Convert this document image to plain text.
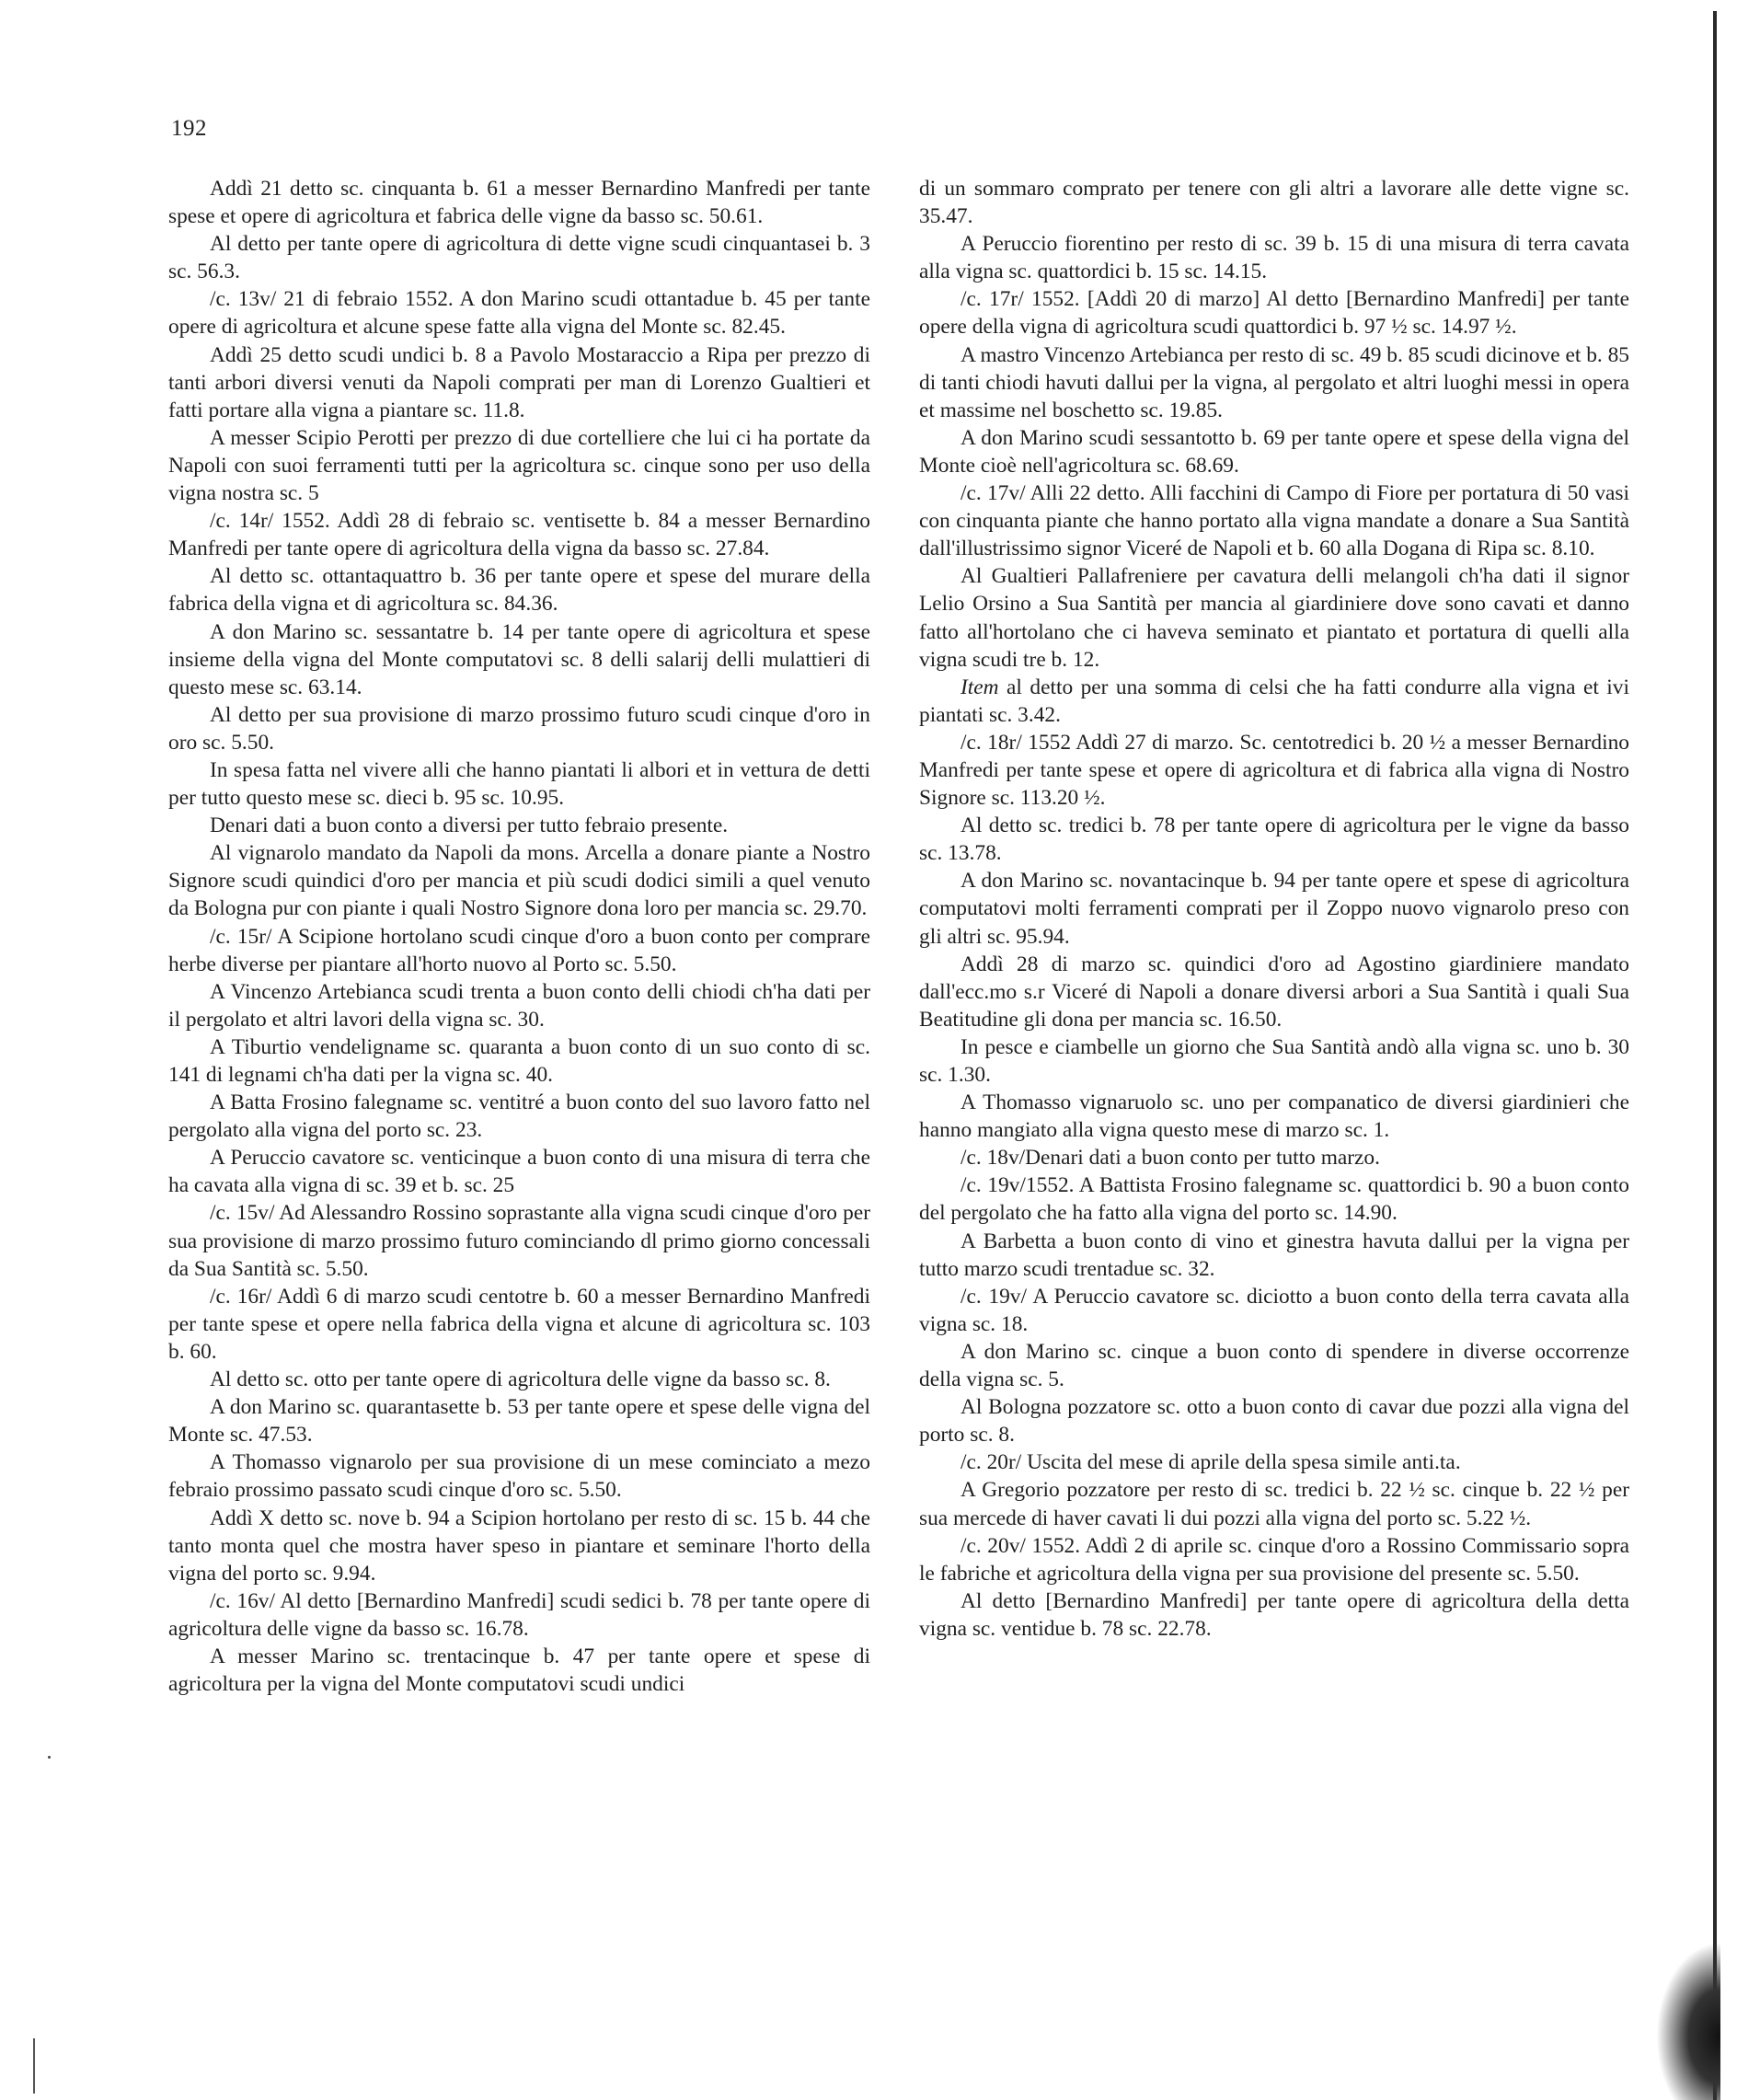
192

Addì 21 detto sc. cinquanta b. 61 a messer Bernardino Manfredi per tante spese et opere di agricoltura et fabrica delle vigne da basso sc. 50.61.

Al detto per tante opere di agricoltura di dette vigne scudi cinquantasei b. 3 sc. 56.3.

/c. 13v/ 21 di febraio 1552. A don Marino scudi ottantadue b. 45 per tante opere di agricoltura et alcune spese fatte alla vigna del Monte sc. 82.45.

Addì 25 detto scudi undici b. 8 a Pavolo Mostaraccio a Ripa per prezzo di tanti arbori diversi venuti da Napoli comprati per man di Lorenzo Gualtieri et fatti portare alla vigna a piantare sc. 11.8.

A messer Scipio Perotti per prezzo di due cortelliere che lui ci ha portate da Napoli con suoi ferramenti tutti per la agricoltura sc. cinque sono per uso della vigna nostra sc. 5

/c. 14r/ 1552. Addì 28 di febraio sc. ventisette b. 84 a messer Bernardino Manfredi per tante opere di agricoltura della vigna da basso sc. 27.84.

Al detto sc. ottantaquattro b. 36 per tante opere et spese del murare della fabrica della vigna et di agricoltura sc. 84.36.

A don Marino sc. sessantatre b. 14 per tante opere di agricoltura et spese insieme della vigna del Monte computatovi sc. 8 delli salarij delli mulattieri di questo mese sc. 63.14.

Al detto per sua provisione di marzo prossimo futuro scudi cinque d'oro in oro sc. 5.50.

In spesa fatta nel vivere alli che hanno piantati li albori et in vettura de detti per tutto questo mese sc. dieci b. 95 sc. 10.95.

Denari dati a buon conto a diversi per tutto febraio presente.

Al vignarolo mandato da Napoli da mons. Arcella a donare piante a Nostro Signore scudi quindici d'oro per mancia et più scudi dodici simili a quel venuto da Bologna pur con piante i quali Nostro Signore dona loro per mancia sc. 29.70.

/c. 15r/ A Scipione hortolano scudi cinque d'oro a buon conto per comprare herbe diverse per piantare all'horto nuovo al Porto sc. 5.50.

A Vincenzo Artebianca scudi trenta a buon conto delli chiodi ch'ha dati per il pergolato et altri lavori della vigna sc. 30.

A Tiburtio vendeligname sc. quaranta a buon conto di un suo conto di sc. 141 di legnami ch'ha dati per la vigna sc. 40.

A Batta Frosino falegname sc. ventitré a buon conto del suo lavoro fatto nel pergolato alla vigna del porto sc. 23.

A Peruccio cavatore sc. venticinque a buon conto di una misura di terra che ha cavata alla vigna di sc. 39 et b. sc. 25

/c. 15v/ Ad Alessandro Rossino soprastante alla vigna scudi cinque d'oro per sua provisione di marzo prossimo futuro cominciando dl primo giorno concessali da Sua Santità sc. 5.50.

/c. 16r/ Addì 6 di marzo scudi centotre b. 60 a messer Bernardino Manfredi per tante spese et opere nella fabrica della vigna et alcune di agricoltura sc. 103 b. 60.

Al detto sc. otto per tante opere di agricoltura delle vigne da basso sc. 8.

A don Marino sc. quarantasette b. 53 per tante opere et spese delle vigna del Monte sc. 47.53.

A Thomasso vignarolo per sua provisione di un mese cominciato a mezo febraio prossimo passato scudi cinque d'oro sc. 5.50.

Addì X detto sc. nove b. 94 a Scipion hortolano per resto di sc. 15 b. 44 che tanto monta quel che mostra haver speso in piantare et seminare l'horto della vigna del porto sc. 9.94.

/c. 16v/ Al detto [Bernardino Manfredi] scudi sedici b. 78 per tante opere di agricoltura delle vigne da basso sc. 16.78.

A messer Marino sc. trentacinque b. 47 per tante opere et spese di agricoltura per la vigna del Monte computatovi scudi undici

di un sommaro comprato per tenere con gli altri a lavorare alle dette vigne sc. 35.47.

A Peruccio fiorentino per resto di sc. 39 b. 15 di una misura di terra cavata alla vigna sc. quattordici b. 15 sc. 14.15.

/c. 17r/ 1552. [Addì 20 di marzo] Al detto [Bernardino Manfredi] per tante opere della vigna di agricoltura scudi quattordici b. 97 ½ sc. 14.97 ½.

A mastro Vincenzo Artebianca per resto di sc. 49 b. 85 scudi dicinove et b. 85 di tanti chiodi havuti dallui per la vigna, al pergolato et altri luoghi messi in opera et massime nel boschetto sc. 19.85.

A don Marino scudi sessantotto b. 69 per tante opere et spese della vigna del Monte cioè nell'agricoltura sc. 68.69.

/c. 17v/ Alli 22 detto. Alli facchini di Campo di Fiore per portatura di 50 vasi con cinquanta piante che hanno portato alla vigna mandate a donare a Sua Santità dall'illustrissimo signor Viceré de Napoli et b. 60 alla Dogana di Ripa sc. 8.10.

Al Gualtieri Pallafreniere per cavatura delli melangoli ch'ha dati il signor Lelio Orsino a Sua Santità per mancia al giardiniere dove sono cavati et danno fatto all'hortolano che ci haveva seminato et piantato et portatura di quelli alla vigna scudi tre b. 12.

Item al detto per una somma di celsi che ha fatti condurre alla vigna et ivi piantati sc. 3.42.

/c. 18r/ 1552 Addì 27 di marzo. Sc. centotredici b. 20 ½ a messer Bernardino Manfredi per tante spese et opere di agricoltura et di fabrica alla vigna di Nostro Signore sc. 113.20 ½.

Al detto sc. tredici b. 78 per tante opere di agricoltura per le vigne da basso sc. 13.78.

A don Marino sc. novantacinque b. 94 per tante opere et spese di agricoltura computatovi molti ferramenti comprati per il Zoppo nuovo vignarolo preso con gli altri sc. 95.94.

Addì 28 di marzo sc. quindici d'oro ad Agostino giardiniere mandato dall'ecc.mo s.r Viceré di Napoli a donare diversi arbori a Sua Santità i quali Sua Beatitudine gli dona per mancia sc. 16.50.

In pesce e ciambelle un giorno che Sua Santità andò alla vigna sc. uno b. 30 sc. 1.30.

A Thomasso vignaruolo sc. uno per companatico de diversi giardinieri che hanno mangiato alla vigna questo mese di marzo sc. 1.

/c. 18v/Denari dati a buon conto per tutto marzo.

/c. 19v/1552. A Battista Frosino falegname sc. quattordici b. 90 a buon conto del pergolato che ha fatto alla vigna del porto sc. 14.90.

A Barbetta a buon conto di vino et ginestra havuta dallui per la vigna per tutto marzo scudi trentadue sc. 32.

/c. 19v/ A Peruccio cavatore sc. diciotto a buon conto della terra cavata alla vigna sc. 18.

A don Marino sc. cinque a buon conto di spendere in diverse occorrenze della vigna sc. 5.

Al Bologna pozzatore sc. otto a buon conto di cavar due pozzi alla vigna del porto sc. 8.

/c. 20r/ Uscita del mese di aprile della spesa simile anti.ta.

A Gregorio pozzatore per resto di sc. tredici b. 22 ½ sc. cinque b. 22 ½ per sua mercede di haver cavati li dui pozzi alla vigna del porto sc. 5.22 ½.

/c. 20v/ 1552. Addì 2 di aprile sc. cinque d'oro a Rossino Commissario sopra le fabriche et agricoltura della vigna per sua provisione del presente sc. 5.50.

Al detto [Bernardino Manfredi] per tante opere di agricoltura della detta vigna sc. ventidue b. 78 sc. 22.78.
